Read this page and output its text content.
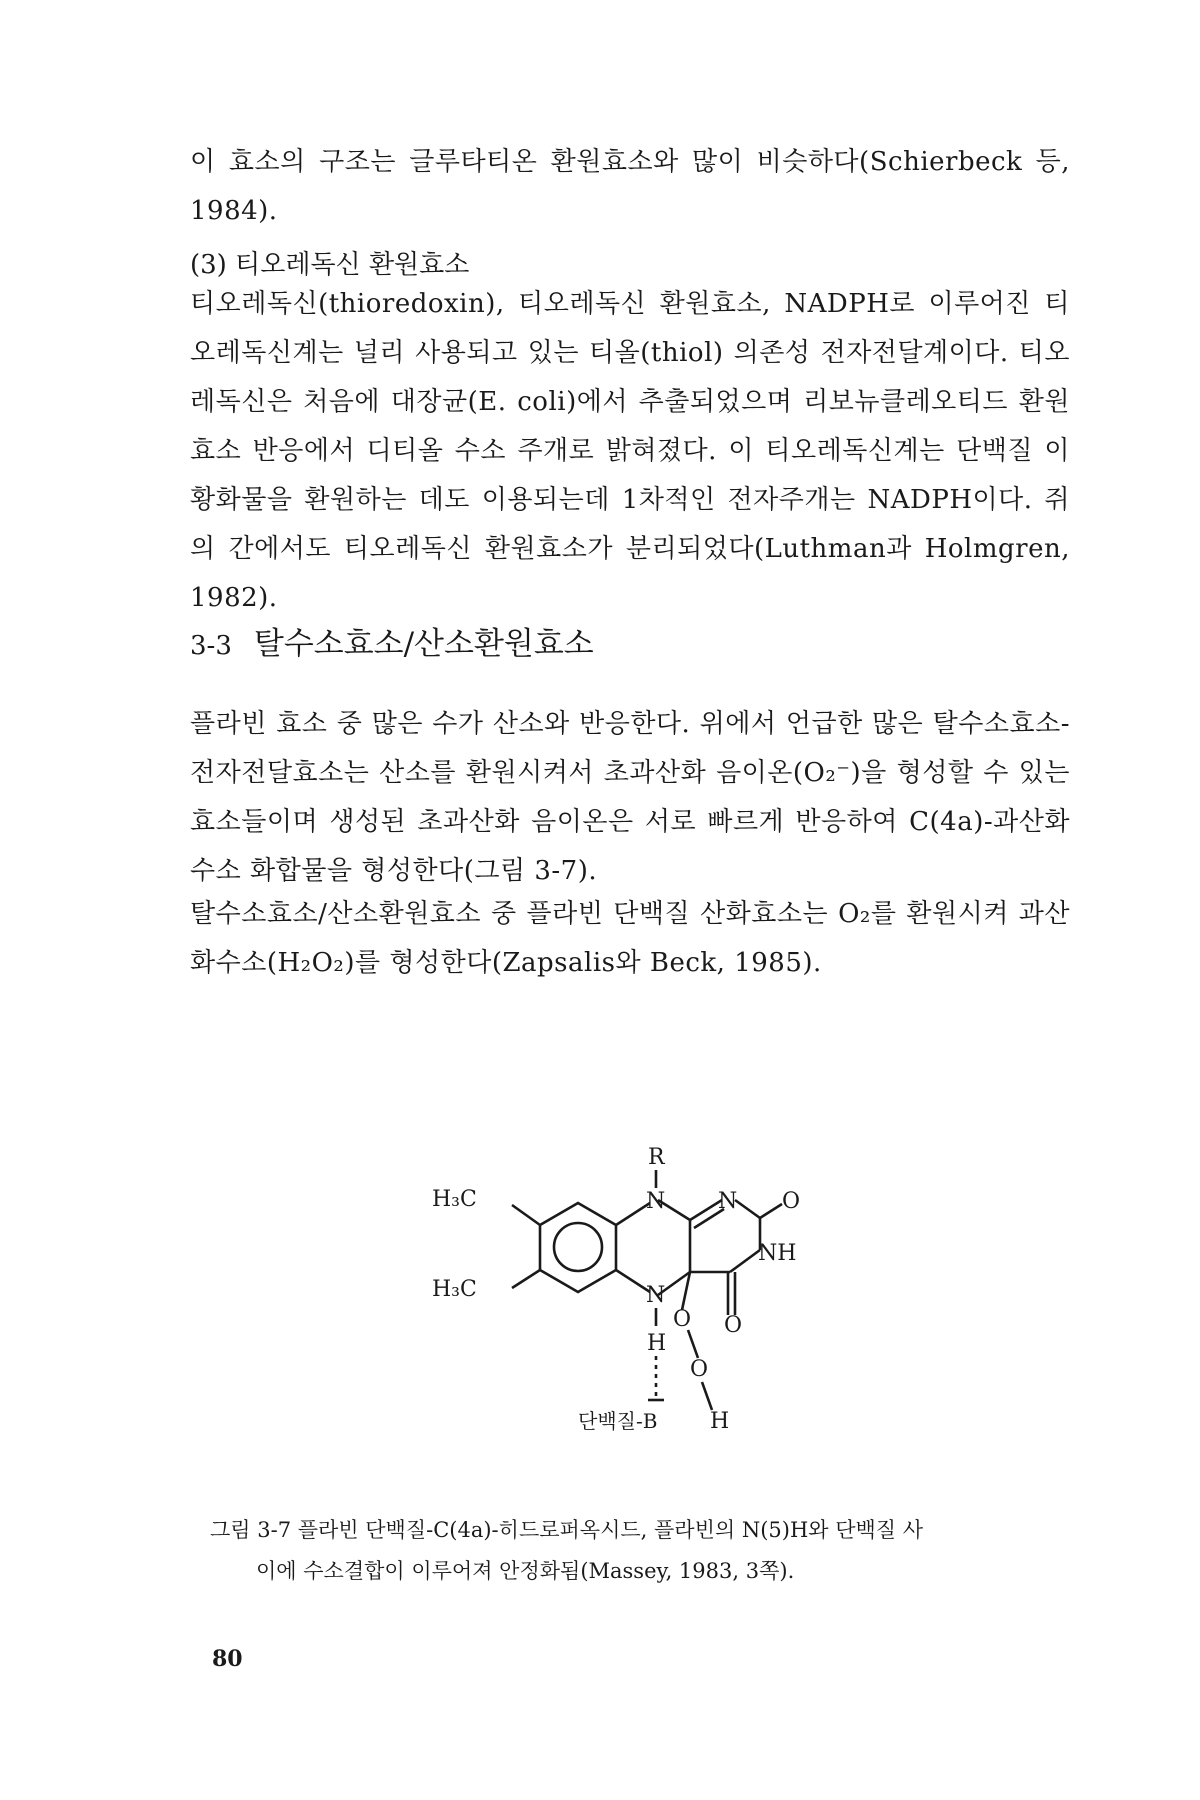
이 효소의 구조는 글루타티온 환원효소와 많이 비슷하다(Schierbeck 등, 1984).
(3) 티오레독신 환원효소
티오레독신(thioredoxin), 티오레독신 환원효소, NADPH로 이루어진 티오레독신계는 널리 사용되고 있는 티올(thiol) 의존성 전자전달계이다. 티오레독신은 처음에 대장균(E. coli)에서 추출되었으며 리보뉴클레오티드 환원효소 반응에서 디티올 수소 주개로 밝혀졌다. 이 티오레독신계는 단백질 이황화물을 환원하는 데도 이용되는데 1차적인 전자주개는 NADPH이다. 쥐의 간에서도 티오레독신 환원효소가 분리되었다(Luthman과 Holmgren, 1982).
3-3 탈수소효소/산소환원효소
플라빈 효소 중 많은 수가 산소와 반응한다. 위에서 언급한 많은 탈수소효소-전자전달효소는 산소를 환원시켜서 초과산화 음이온(O₂⁻)을 형성할 수 있는 효소들이며 생성된 초과산화 음이온은 서로 빠르게 반응하여 C(4a)-과산화수소 화합물을 형성한다(그림 3-7).
탈수소효소/산소환원효소 중 플라빈 단백질 산화효소는 O₂를 환원시켜 과산화수소(H₂O₂)를 형성한다(Zapsalis와 Beck, 1985).
R
N N O
NH
N
H₃C
H₃C
H
O
O
O
H
단백질-B
그림 3-7 플라빈 단백질-C(4a)-히드로퍼옥시드, 플라빈의 N(5)H와 단백질 사
이에 수소결합이 이루어져 안정화됨(Massey, 1983, 3쪽).
80
